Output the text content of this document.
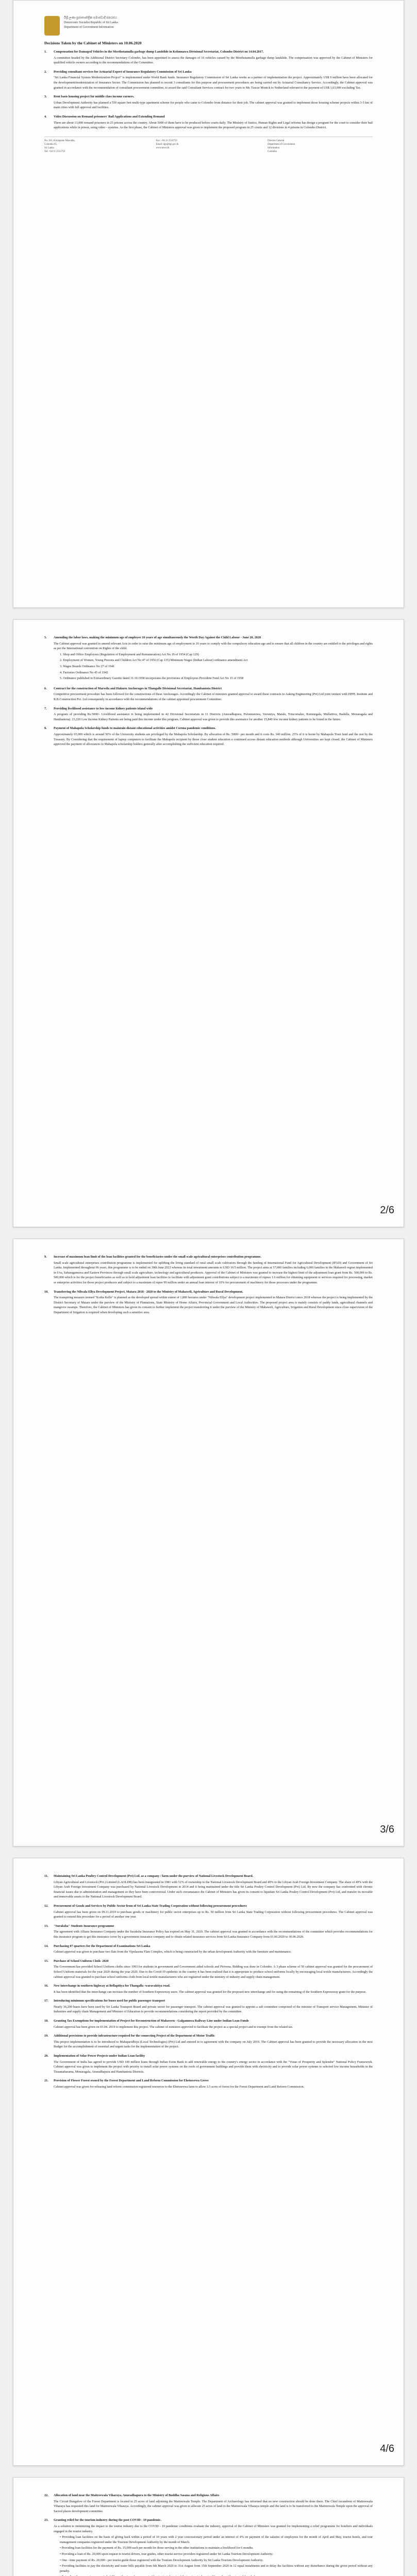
ඊශ්‍රී ලංකා ප්‍රජාතාන්ත්‍රික සමාජවාදී ජනරජය
Democratic Socialist Republic of Sri Lanka
Department of Government Information
Decisions Taken by the Cabinet of Ministers on 10.06.2020
1.	Compensation for Damaged Vehicles in the Meethotamulla garbage dump Landslide in Kolonnawa Divisional Secretariat, Colombo District on 14.04.2017.
A committee headed by the Additional District Secretary Colombo, has been appointed to assess the damages of 16 vehicles caused by the Meethotamulla garbage dump landslide. The compensation was approved by the Cabinet of Ministers for qualified vehicle owners according to the recommendations of the Committee.
2.	Providing consultant services for Actuarial Expert of Insurance Regulatory Commission of Sri Lanka
"Sri Lanka Financial System Modernization Project" is implemented under World Bank funds. Insurance Regulatory Commission of Sri Lanka works as a partner of implementation the project. Approximately US$ 9 million have been allocated for the development/modernization of Insurance Sector. The Commission has planned to recruit 3 consultants for this purpose and procurement procedures are being carried out by Actuarial Consultancy Service. Accordingly, the Cabinet approval was granted in accordance with the recommendation of consultant procurement committee, to award the said Consultant Services contract for two years to Mr. Tuscar Monick to Netherland relevant to the payment of US$ 1,63,000 excluding Tax.
3.	Rent basis housing project for middle class income earners.
Urban Development Authority has planned a 550 square feet multi-type apartment scheme for people who came to Colombo from distance for their job. The cabinet approval was granted to implement those housing scheme projects within 3-5 km of main cities with full approval and facilities.
4.	Video Discussion on Remand prisoners' Bail Applications and Extending Remand
There are about 13,000 remand prisoners in 25 prisons across the country. About 5000 of them have to be produced before courts daily. The Ministry of Justice, Human Rights and Legal reforms has design a program for the court to consider their bail applications while in prison, using video - systems. As the first phase, the Cabinet of Ministers approval was given to implement the proposed program in 25 courts and 12 divisions in 4 prisons in Colombo District.
No. 163, Kirulapone Mawatha, Colombo 05.
Sri Lanka
Tel: +94 11 2515759
Fax: +94 11 2514753
Email: dgi@dgi.gov.lk
www.news.lk
Director General
Department of Government Information
Colombo
5.	Amending the labor laws, making the minimum age of employee 16 years of age simultaneously the Worth Day Against the Child Labour - June 20, 2020
The Cabinet approval was granted to amend relevant Acts in order to raise the minimum age of employment to 16 years to comply with the compulsory education age and to ensure that all children in the country are entitled to the privileges and rights as per the International convention on Rights of the child.
1. Shop and Office Employees (Regulation of Employment and Remuneration) Act No.19 of 1954 (Cap 129)
2. Employment of Women, Young Persons and Children Act No 47 of 1956 (Cap 135) Minimum Wages (Indian Labour) ordinance amendment Act
3. Wages Boards Ordinance No 27 of 1941
4. Factories Ordinance No 45 of 1942
5. Ordinance published in Extraordinary Gazette dated 31.10.1958 incorporates the provisions of Employees Provident Fund Act No 15 of 1958
6.	Contract for the construction of Marwila and Hakuru Anchorages in Thangalle Divisional Secretariat, Hambantota District
Competitive procurement procedure has been followed for the constructions of these Anchorages. Accordingly the Cabinet of ministers granted approval to award these contracts to Aaking Engineering (Pvt) Ltd joint venture with HPPL Institute and R.B.Construction Pvt. Ltd consequently in accordance with the recommendations of the cabinet appointed procurement Committee.
7.	Providing livelihood assistance to low income kidney patients island wide
A program of providing Rs.5000/- Livelihood assistance is being implemented in 42 Divisional Secretariats in 11 Districts (Anuradhapura, Polonnaruwa, Vavuniya, Matale, Trincomalee, Kurunegala, Mullaitivu, Badulla, Monaragala and Hambantota). 23,220 Low Income Kidney Patients are being paid this income under this program. Cabinet approval was given to provide this assistance for another 15,849 low income kidney patients to be found in the future.
8.	Payment of Mahapola Scholarship funds to maintain distant educational activities amidst Corona pandemic conditions.
Approximately 65,000 which is around 50% of the University students are privileged by the Mahapola Scholarship. By allocation of Rs. 5000/- per month and it costs Rs. 340 million. 25% of it is borne by Mahapola Trust fund and the rest by the Treasury. By Considering that the requirement of laptop computers to facilitate the Mahapola recipient by those close student education a continued access distant education methods although Universities are kept closed, the Cabinet of Ministers approved the payment of allowances to Mahapola scholarship holders generally after accomplishing the sufficient education required.
2/6
9.	Increase of maximum loan limit of the loan facilities granted for the beneficiaries under the small scale agricultural enterprises contribution programme.
Small scale agricultural enterprises contribution programme is implemented for uplifting the living standard of rural small scale cultivators through the funding of International Fund for Agricultural Development (IFAD) and Government of Sri Lanka. Implemented throughout 06 years, this programme is to be ended on 30th June 2023 whereas its total investment amounts to USD 10.5 million. The project aims at 57,000 families including 6,000 families in the Mahaweli region implemented in Uva, Sabaragamuwa and Eastern Provinces through small scale agriculture, technology and agricultural producers. Approval of the Cabinet of Ministers was granted to increase the highest limit of the adjustment loan grant from Rs. 500,000 to Rs. 500,000 which is for the project beneficiaries as well as to hold adjustment loan facilities to facilitate with adjustment grant contributions subject to a maximum of rupees 1.6 million for obtaining equipment or services required for processing, market or enterprise activities for those project producers and subject to a maximum of rupee 99 million under an annual loan interest of 10% for procurement of machinery for those processes under the programme.
10.	Transferring the Nilwala Ellya Development Project, Matara 2018 - 2020 to the Ministry of Mahaweli, Agriculture and Rural Development.
The transpiring measure termed "Kotha Kelle" is planned as the developed spread within extent of 1,800 hectares under "Nilwala Ellya" development project implemented in Matara District since 2018 whereas the project is being implemented by the District Secretary of Matara under the purview of the Ministry of Plantations, State Ministry of Home Affairs, Provincial Government and Local Authorities. The proposed project area is mainly consists of paddy lands, agricultural channels and mangrove swamps. Therefore, the Cabinet of Ministers has given its consent to further implement the project transferring it under the purview of the Ministry of Mahaweli, Agriculture, Irrigation and Rural Development since close supervision of the Department of Irrigation is required when developing such a sensitive area.
3/6
11.	Maintaining Sri Lanka Poultry Control Development (Pvt) Ltd. as a company / farm under the purview of National Livestock Development Board.
Libyan Agricultural and Livestock (Pvt.) Limited (LAOLDB) has been inaugurated in 1981 with 51% of ownership to the National Livestock Development Board and 49% to the Libyan Arab Foreign Investment Company. The share of 49% with the Libyan Arab Foreign Investment Company was purchased by National Livestock Development in 2014 and it being maintained under the title Sri Lanka Poultry Control Development (Pvt) Ltd. By now the company has confronted with chronic financial issues due to administration and management so they have been controversial. Under such circumstance the Cabinet of Ministers has given its consent to liquidate Sri Lanka Poultry Control Development (Pvt) Ltd, and transfer its movable and immovable assets to the National Livestock Development Board.
12.	Procurement of Goods and Services by Public Sector from of Sri Lanka State Trading Corporation without following procurement procedures
Cabinet approval has been given on 09.11.2019 to purchase goods or machinery for public sector enterprises up to Rs. 50 million from Sri Lanka State Trading Corporation without following procurement procedures. The Cabinet approval was granted to extend this procedure for a period of another one year.
13.	"Suraksha" Students Insurance programme
The agreement with Allianz Insurance Company under the Suraksha Insurance Policy has expired on May 31, 2020. The cabinet approval was granted in accordance with the recommendations of the committee which provides recommendations for this insurance program to get this insurance cover by a government insurance company and to obtain related insurance services from Sri Lanka Insurance Company from 01.06.2020 to 30.06.2020.
14.	Purchasing 07 quarters for the Department of Examinations Sri Lanka
Cabinet approval was given to purchase two flats from the Vipulasena Flats Complex, which is being constructed by the urban development Authority with the furniture and maintenance.
15.	Purchase of School Uniform Cloth- 2020
The Government has provided School Uniform cloths since 1993 for students in government and Government aided schools and Pirivena. Bidding was done in Colombo. A 3 phase scheme of 50 cabinet approval was granted for the procurement of School Uniform materials for the year 2020 during the year 2020. Due to the Covid-19 epidemic in the country it has been realized that it is appropriate to produce school uniforms locally by encouraging local textile manufacturers. Accordingly the cabinet approval was granted to purchase school uniforms cloth from local textile manufacturers who are registered under the ministry of industry and supply chain management.
16.	New interchange in southern highway at Bellapitiya for Thangalla -waravaktiya road.
It has been identified that the interchange can increase the number of Southern Expressway users. The cabinet approval was granted for the proposed new interchange and for using the remaining of the Southern Expressway grant for the purpose.
17.	Introducing minimum specifications for buses used for public passenger transport
Nearly 36,200 buses have been used by Sri Lanka Transport Board and private sector for passenger transport. The cabinet approval was granted to appoint a sub committee comprised of the minister of Transport service Management, Minister of Industries and supply chain Management and Minister of Education to provide recommendations considering the report provided by the committee.
18.	Granting Tax Exemptions for implementation of Project for Reconstruction of Mahaveru - Galgamuwa Railway Line under Indian Loan Funds
Cabinet approval has been given on 03.04. 2019 to implement this project. The cabinet of ministers approved to facilitate the project as a special project and to exempt from the related tax.
19.	Additional provisions to provide infrastructure required for the connecting Project of the Department of Motor Traffic
This project implementation is to be introduced to Mahaparidhiya (Local Technologies) (Pvt) Ltd and entered in to agreement with the company on July 2019. The Cabinet approval has been granted to provide the necessary allocation in the next Budget for the accomplishment of essential and urgent tasks for the implementation of the project.
20.	Implementation of Solar Power Projects under Indian Loan facility
The Government of India has agreed to provide USD 100 million loans through Indian Exim Bank to add renewable energy to the country's energy sector in accordance with the "Vistas of Prosperity and Splendor" National Policy Framework. Cabinet approval was given to implement the project with priority to install solar power systems on the roofs of government buildings and provide them with electricity and to provide solar power systems to selected low income households in the Tissamaharama, Monaragala, Anuradhapura and Hambantota Districts.
21.	Provision of Flower Forest owned by the Forest Department and Land Reform Commission for Ehetuwewa Grove
Cabinet approval was given for releasing land reform commission registered resources to the Ehetuwewa farm to allow 3.5 acres of forest for the Forest Department and Land Reform Commission.
4/6
22.	Allocation of land near the Maitreewala Viharaya, Anuradhapura to the Ministry of Buddha Sasana and Religious Affairs
The Circuit Bungalow of the Forest Department is located in 25 acres of land adjoining the Maitreewala Temple. The Department of Archaeology has informed that no new construction should be done there. The Chief incumbent of Maitreewala Viharaya has requested this land for Maitreewala Viharaya. Accordingly, the cabinet approval was given to allocate 25 acres of land to the Maitreewala Viharaya temple and the land is to be transferred to the Maitreewala Temple upon the approval of Sacred places development committee.
23.	Granting relief for the tourism industry during the post COVID - 19 pandemic.
As a solution to minimizing the impact to the tourist industry due to the COVID - 19 pandemic conditions evaluate the industry, approval of the Cabinet of Ministers was granted for implementing a relief programme for hoteliers and individuals engaged in the tourist industry.
• Providing loan facilities on the basis of giving back within a period of 10 years with 2 year concessionary period under an interest of 4% on payment of the salaries of employees for the month of April and May, tourist hotels, and tour management companies registered under the Tourism Development Authority by the month of March.
• Providing loan facilities for the payment of Rs. 15,000 each per month for those serving in the other institutions to maintain a livelihood for 6 months.
• Providing a loan of Rs. 20,000 upon request to tourist drivers, tour guides, other tourist service providers registered under Sri Lanka Tourism Development Authority.
• One - time payment of Rs. 20,000 - per tourist guide those registered with the Tourism Development Authority by Sri Lanka Tourism Development Authority.
• Providing facilities to pay the electricity and water bills payable from 6th March 2020 to 31st August from 15th September 2020 in 12 equal instalments and to delay the facilities without any disturbance during the given period without any penalty.
